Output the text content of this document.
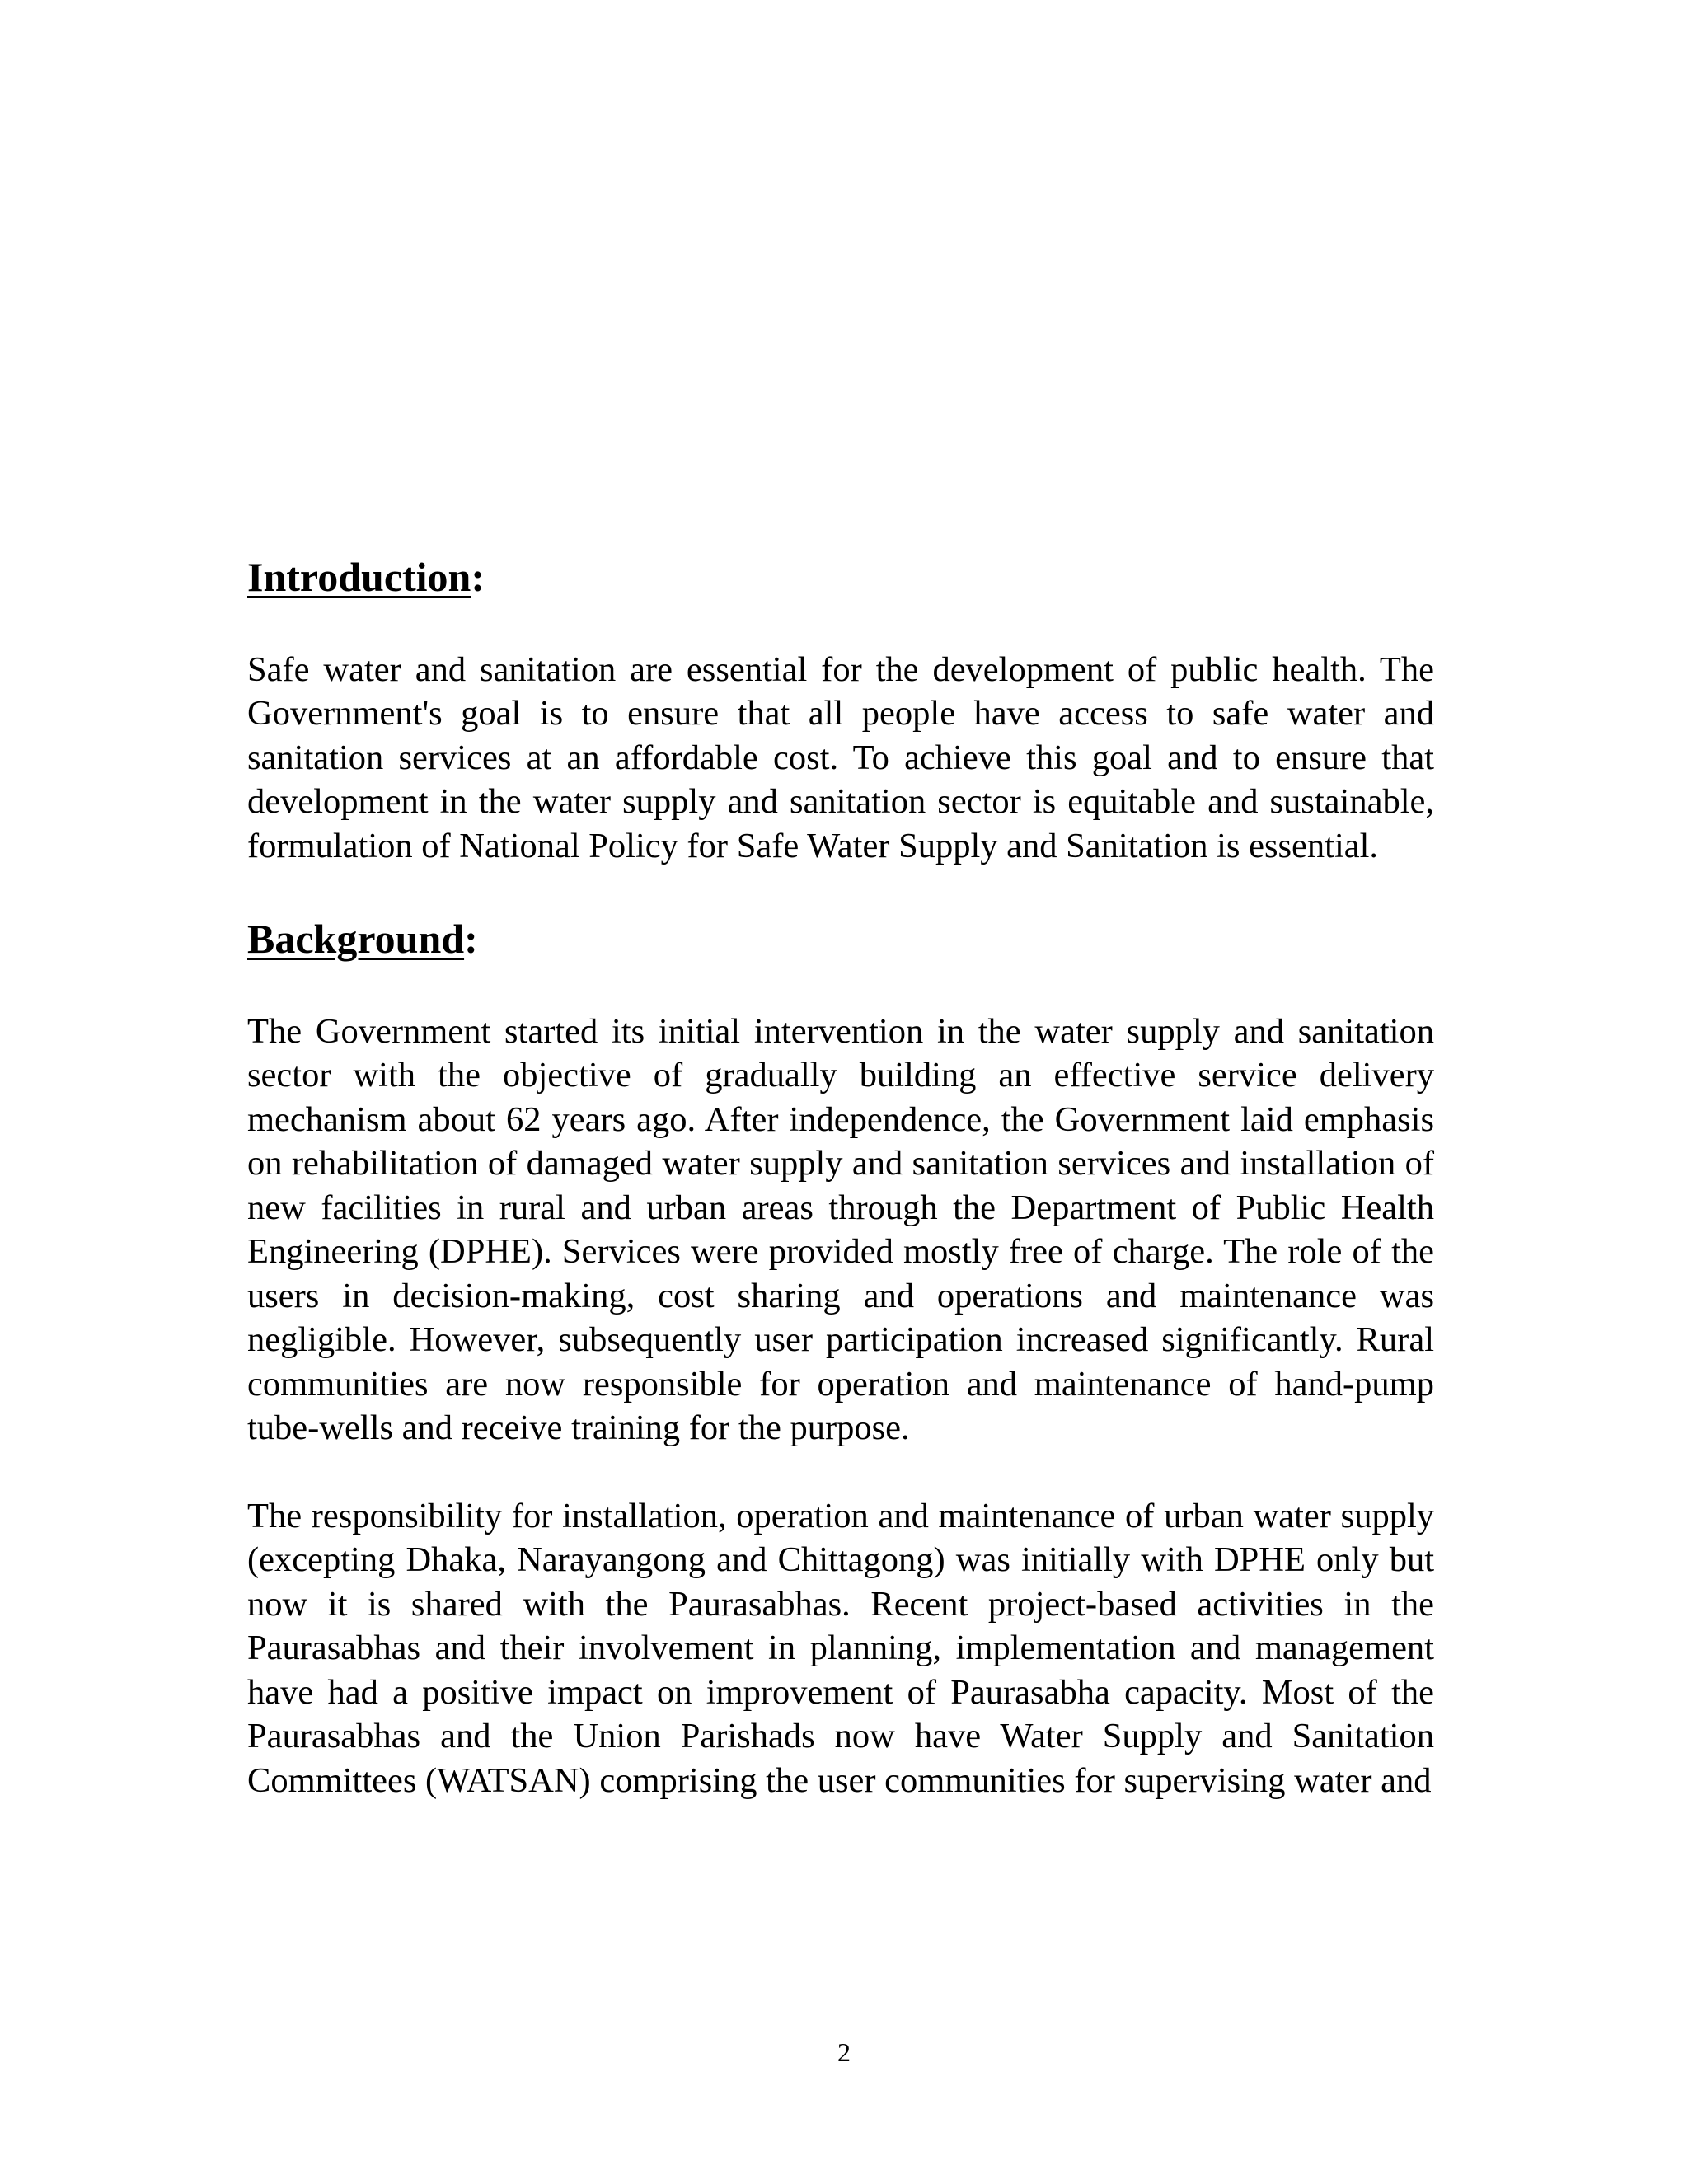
Introduction:

Safe water and sanitation are essential for the development of public health. The Government's goal is to ensure that all people have access to safe water and sanitation services at an affordable cost. To achieve this goal and to ensure that development in the water supply and sanitation sector is equitable and sustainable, formulation of National Policy for Safe Water Supply and Sanitation is essential.

Background:

The Government started its initial intervention in the water supply and sanitation sector with the objective of gradually building an effective service delivery mechanism about 62 years ago. After independence, the Government laid emphasis on rehabilitation of damaged water supply and sanitation services and installation of new facilities in rural and urban areas through the Department of Public Health Engineering (DPHE). Services were provided mostly free of charge. The role of the users in decision-making, cost sharing and operations and maintenance was negligible. However, subsequently user participation increased significantly. Rural communities are now responsible for operation and maintenance of hand-pump tube-wells and receive training for the purpose.

The responsibility for installation, operation and maintenance of urban water supply (excepting Dhaka, Narayangong and Chittagong) was initially with DPHE only but now it is shared with the Paurasabhas. Recent project-based activities in the Paurasabhas and their involvement in planning, implementation and management have had a positive impact on improvement of Paurasabha capacity. Most of the Paurasabhas and the Union Parishads now have Water Supply and Sanitation Committees (WATSAN) comprising the user communities for supervising water and

2
